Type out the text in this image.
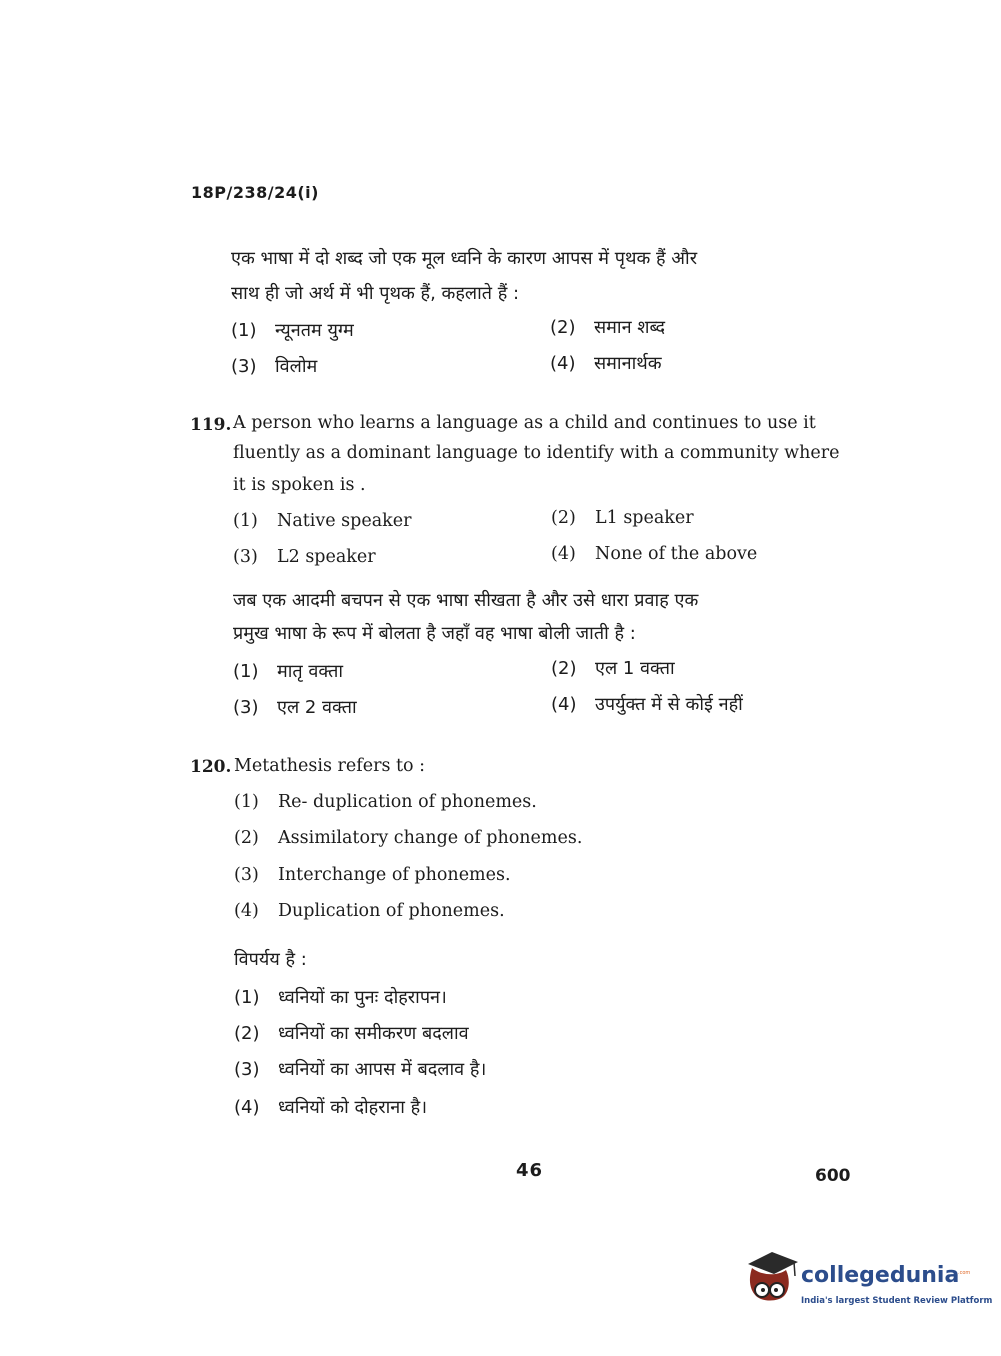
18P/238/24(i)
एक भाषा में दो शब्द जो एक मूल ध्वनि के कारण आपस में पृथक हैं और
साथ ही जो अर्थ में भी पृथक हैं, कहलाते हैं :
(1) न्यूनतम युग्म	(2) समान शब्द
(3) विलोम	(4) समानार्थक
119. A person who learns a language as a child and continues to use it
fluently as a dominant language to identify with a community where
it is spoken is .
(1) Native speaker	(2) L1 speaker
(3) L2 speaker	(4) None of the above
जब एक आदमी बचपन से एक भाषा सीखता है और उसे धारा प्रवाह एक
प्रमुख भाषा के रूप में बोलता है जहाँ वह भाषा बोली जाती है :
(1) मातृ वक्ता	(2) एल 1 वक्ता
(3) एल 2 वक्ता	(4) उपर्युक्त में से कोई नहीं
120. Metathesis refers to :
(1) Re- duplication of phonemes.
(2) Assimilatory change of phonemes.
(3) Interchange of phonemes.
(4) Duplication of phonemes.
विपर्यय है :
(1) ध्वनियों का पुनः दोहरापन।
(2) ध्वनियों का समीकरण बदलाव
(3) ध्वनियों का आपस में बदलाव है।
(4) ध्वनियों को दोहराना है।
46	600
collegedunia
.com
India's largest Student Review Platform
